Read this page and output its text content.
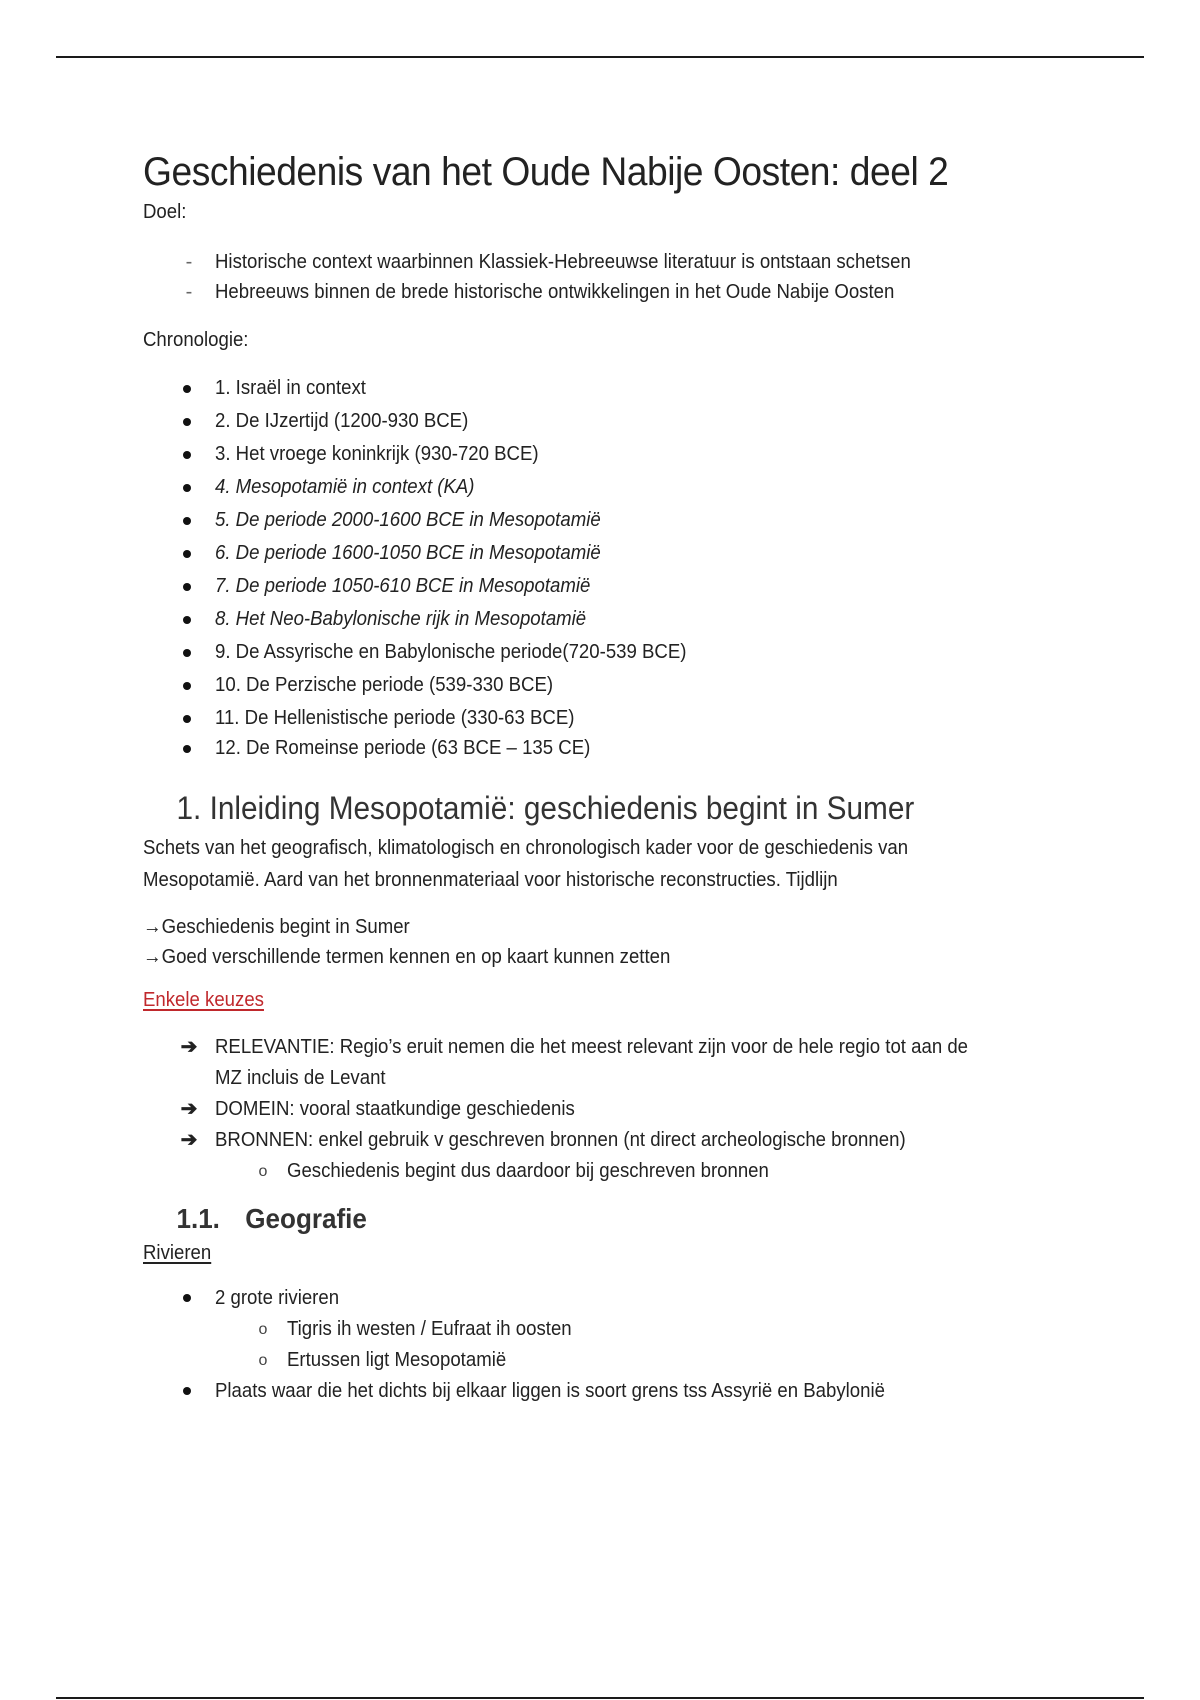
Geschiedenis van het Oude Nabije Oosten: deel 2

Doel:

-	Historische context waarbinnen Klassiek-Hebreeuwse literatuur is ontstaan schetsen
-	Hebreeuws binnen de brede historische ontwikkelingen in het Oude Nabije Oosten

Chronologie:

1. Israël in context
2. De IJzertijd (1200-930 BCE)
3. Het vroege koninkrijk (930-720 BCE)
4. Mesopotamië in context (KA)
5. De periode 2000-1600 BCE in Mesopotamië
6. De periode 1600-1050 BCE in Mesopotamië
7. De periode 1050-610 BCE in Mesopotamië
8. Het Neo-Babylonische rijk in Mesopotamië
9. De Assyrische en Babylonische periode(720-539 BCE)
10. De Perzische periode (539-330 BCE)
11. De Hellenistische periode (330-63 BCE)
12. De Romeinse periode (63 BCE – 135 CE)
1. Inleiding Mesopotamië: geschiedenis begint in Sumer

Schets van het geografisch, klimatologisch en chronologisch kader voor de geschiedenis van

Mesopotamië. Aard van het bronnenmateriaal voor historische reconstructies. Tijdlijn

→Geschiedenis begint in Sumer

→Goed verschillende termen kennen en op kaart kunnen zetten

Enkele keuzes
➔ RELEVANTIE: Regio’s eruit nemen die het meest relevant zijn voor de hele regio tot aan de MZ incluis de Levant
➔ DOMEIN: vooral staatkundige geschiedenis
➔ BRONNEN: enkel gebruik v geschreven bronnen (nt direct archeologische bronnen)
o Geschiedenis begint dus daardoor bij geschreven bronnen
1.1. Geografie
Rivieren
2 grote rivieren
o Tigris ih westen / Eufraat ih oosten
o Ertussen ligt Mesopotamië
Plaats waar die het dichts bij elkaar liggen is soort grens tss Assyrië en Babylonië
